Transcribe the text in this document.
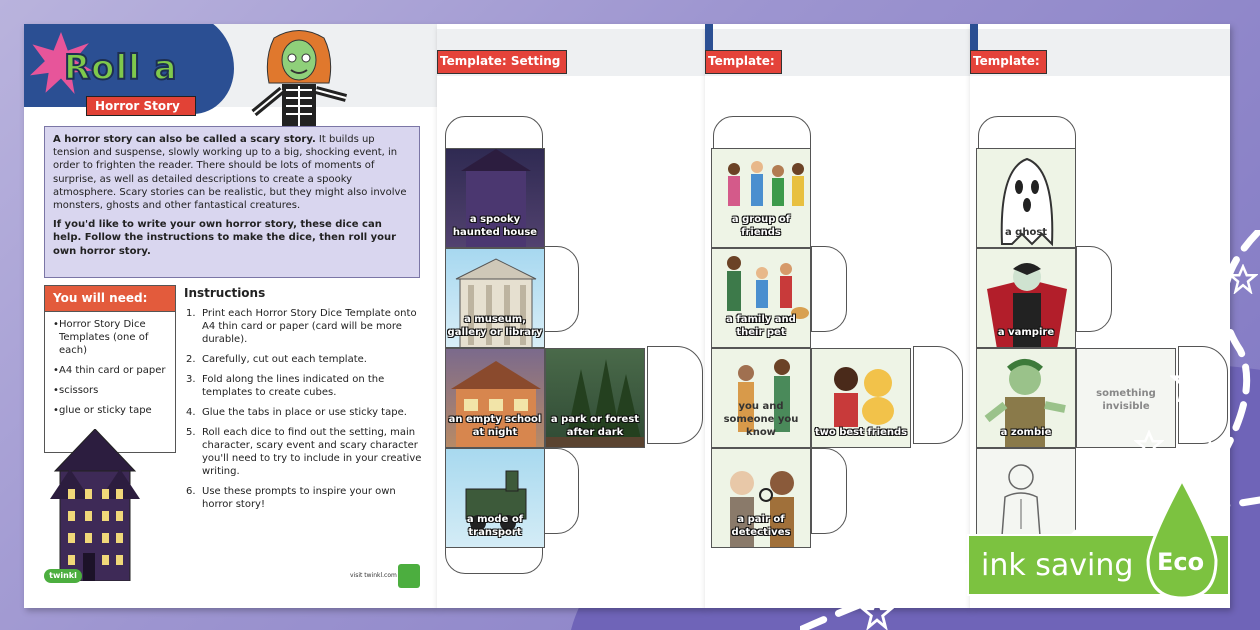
Roll a
Horror Story

A horror story can also be called a scary story. It builds up tension and suspense, slowly working up to a big, shocking event, in order to frighten the reader. There should be lots of moments of surprise, as well as detailed descriptions to create a spooky atmosphere. Scary stories can be realistic, but they might also involve monsters, ghosts and other fantastical creatures.

If you'd like to write your own horror story, these dice can help. Follow the instructions to make the dice, then roll your own horror story.

You will need:
• Horror Story Dice Templates (one of each)
• A4 thin card or paper
• scissors
• glue or sticky tape
Instructions
1. Print each Horror Story Dice Template onto A4 thin card or paper (card will be more durable).
2. Carefully, cut out each template.
3. Fold along the lines indicated on the templates to create cubes.
4. Glue the tabs in place or use sticky tape.
5. Roll each dice to find out the setting, main character, scary event and scary character you'll need to try to include in your creative writing.
6. Use these prompts to inspire your own horror story!
twinkl	visit twinkl.com
Template: Setting
a spooky haunted house
a museum, gallery or library
an empty school at night
a park or forest after dark
a mode of transport
Template:
a group of friends
a family and their pet
you and someone you know	two best friends
a pair of detectives
Template:
a ghost
a vampire
a zombie
something invisible
ink saving Eco
